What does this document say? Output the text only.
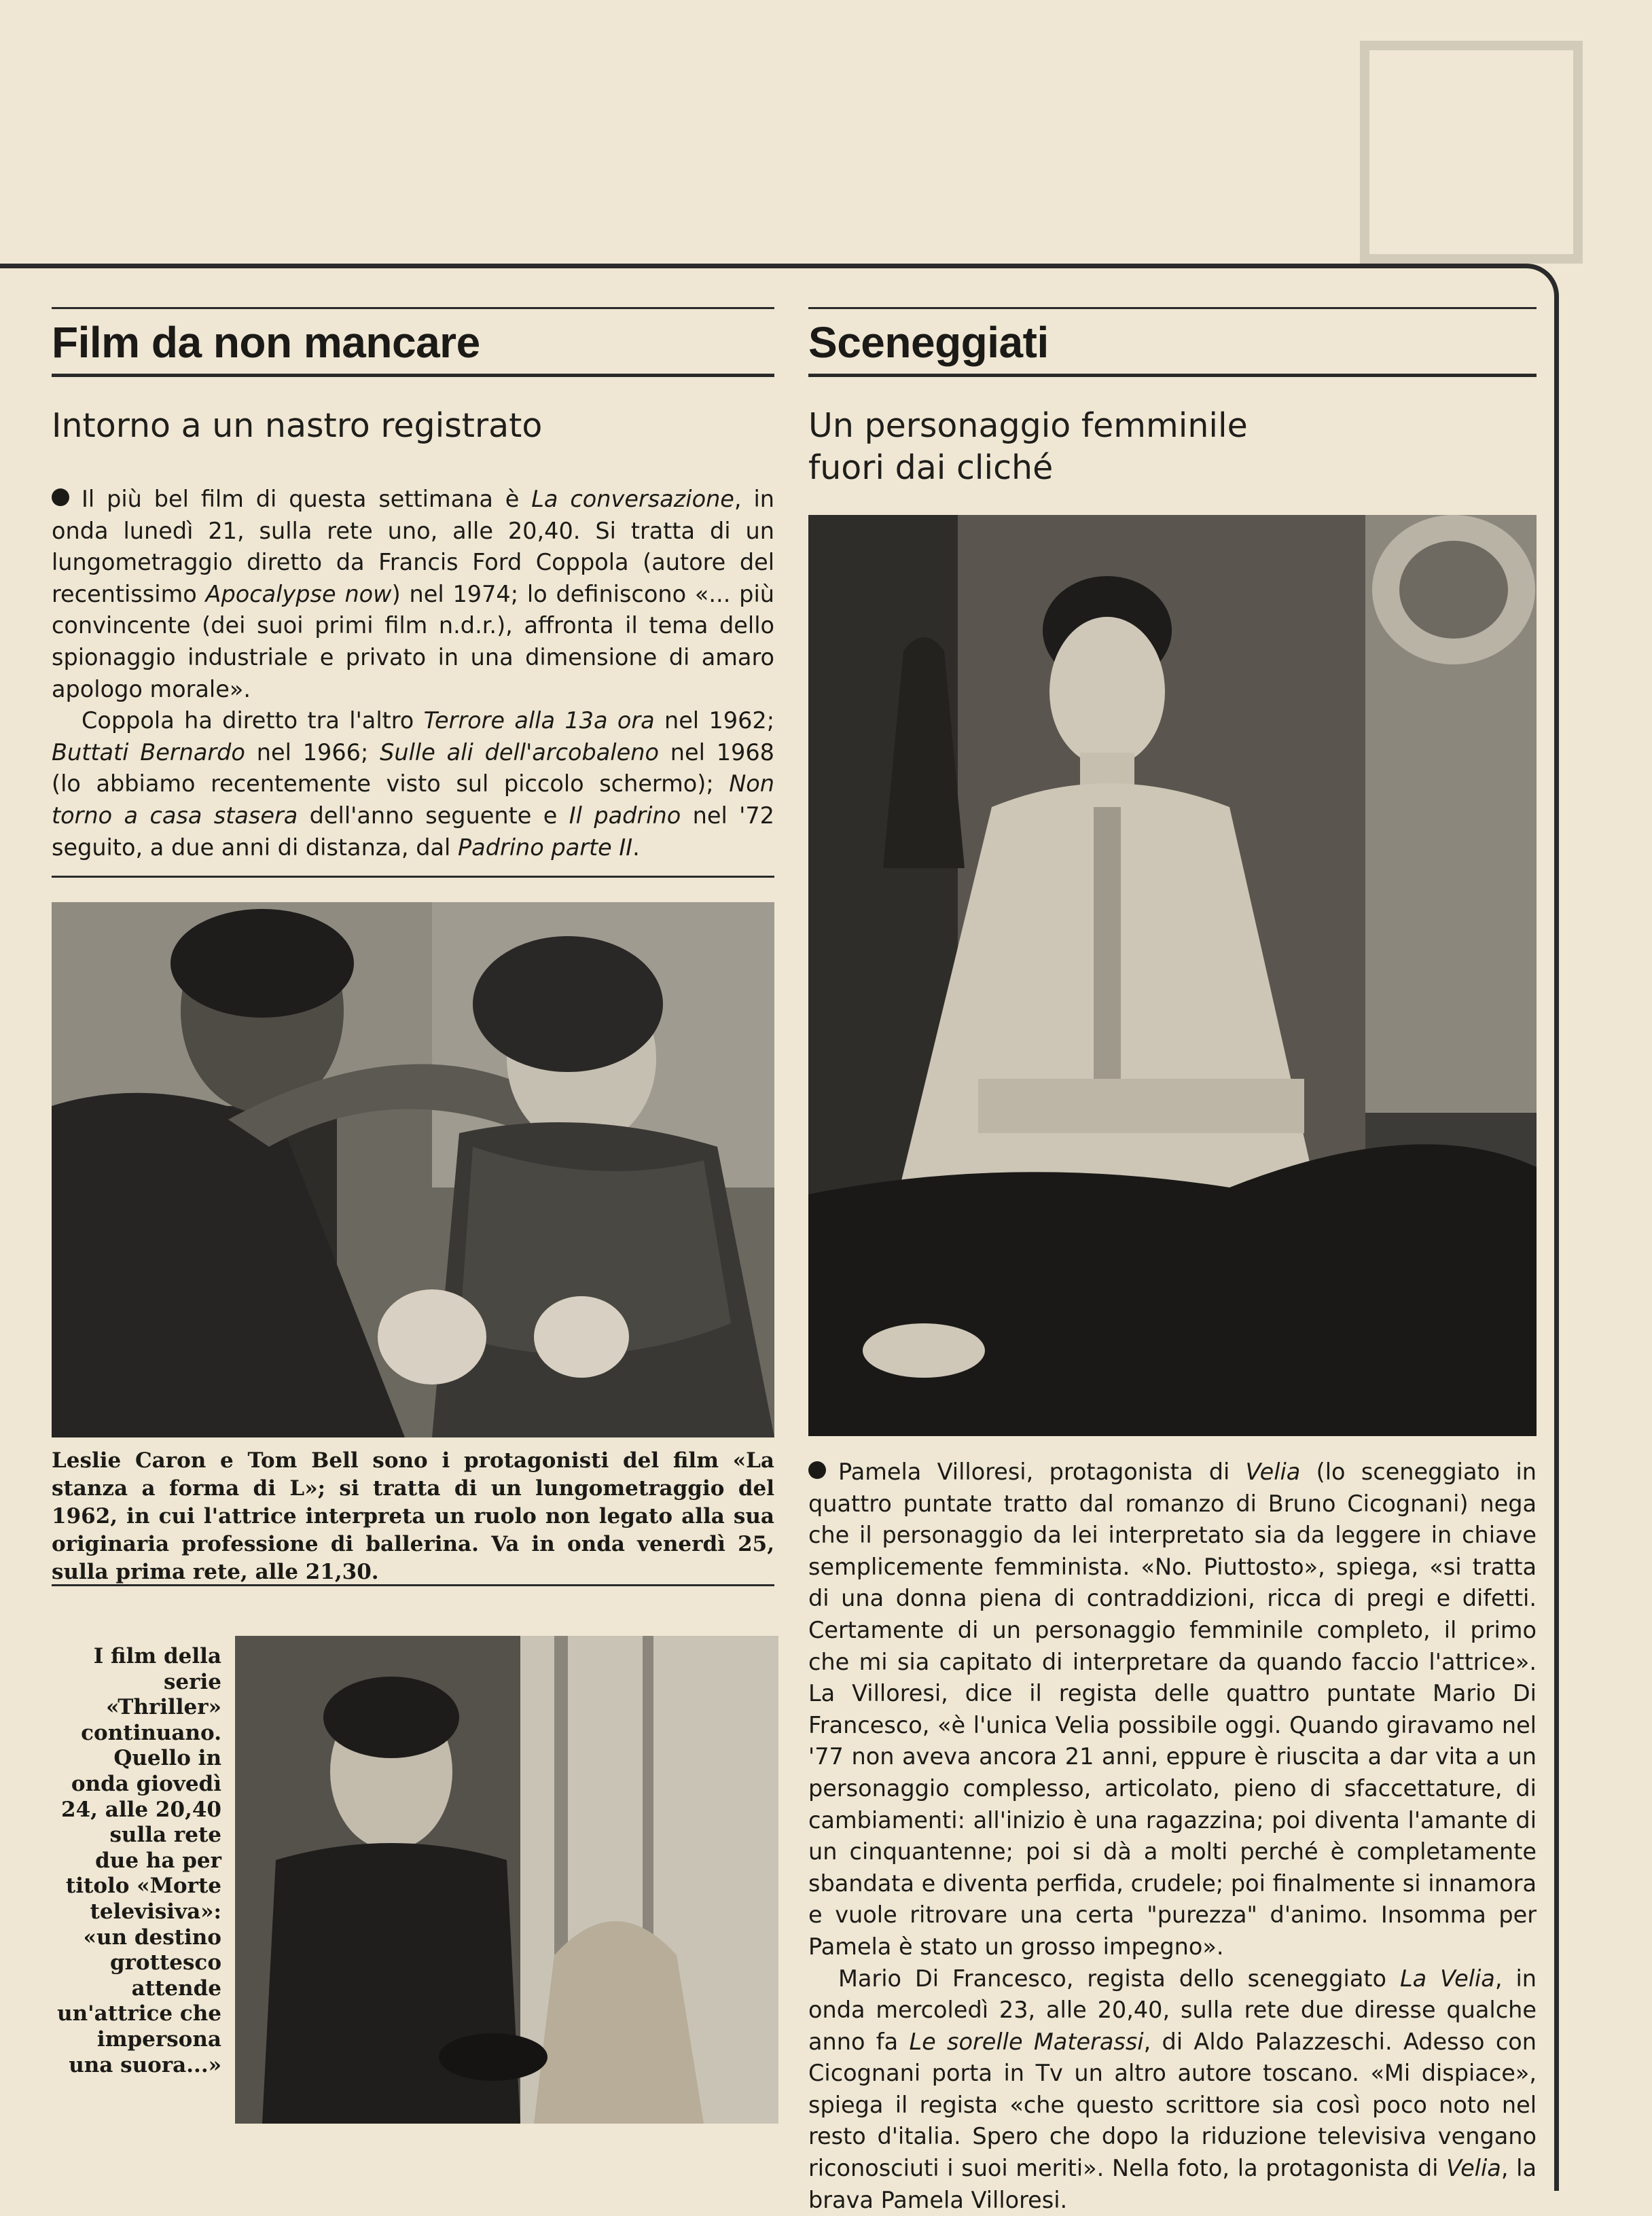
Film da non mancare
Intorno a un nastro registrato

Il più bel film di questa settimana è La conversazione, in onda lunedì 21, sulla rete uno, alle 20,40. Si tratta di un lungometraggio diretto da Francis Ford Coppola (autore del recentissimo Apocalypse now) nel 1974; lo definiscono «... più convincente (dei suoi primi film n.d.r.), affronta il tema dello spionaggio industriale e privato in una dimensione di amaro apologo morale».

Coppola ha diretto tra l'altro Terrore alla 13a ora nel 1962; Buttati Bernardo nel 1966; Sulle ali dell'arcobaleno nel 1968 (lo abbiamo recentemente visto sul piccolo schermo); Non torno a casa stasera dell'anno seguente e Il padrino nel '72 seguito, a due anni di distanza, dal Padrino parte II.

Leslie Caron e Tom Bell sono i protagonisti del film «La stanza a forma di L»; si tratta di un lungometraggio del 1962, in cui l'attrice interpreta un ruolo non legato alla sua originaria professione di ballerina. Va in onda venerdì 25, sulla prima rete, alle 21,30.
I film della
serie
«Thriller»
continuano.
Quello in
onda giovedì
24, alle 20,40
sulla rete
due ha per
titolo «Morte
televisiva»:
«un destino
grottesco
attende
un'attrice che
impersona
una suora...»
Sceneggiati
Un personaggio femminile
fuori dai cliché

Pamela Villoresi, protagonista di Velia (lo sceneggiato in quattro puntate tratto dal romanzo di Bruno Cicognani) nega che il personaggio da lei interpretato sia da leggere in chiave semplicemente femminista. «No. Piuttosto», spiega, «si tratta di una donna piena di contraddizioni, ricca di pregi e difetti. Certamente di un personaggio femminile completo, il primo che mi sia capitato di interpretare da quando faccio l'attrice». La Villoresi, dice il regista delle quattro puntate Mario Di Francesco, «è l'unica Velia possibile oggi. Quando giravamo nel '77 non aveva ancora 21 anni, eppure è riuscita a dar vita a un personaggio complesso, articolato, pieno di sfaccettature, di cambiamenti: all'inizio è una ragazzina; poi diventa l'amante di un cinquantenne; poi si dà a molti perché è completamente sbandata e diventa perfida, crudele; poi finalmente si innamora e vuole ritrovare una certa "purezza" d'animo. Insomma per Pamela è stato un grosso impegno».

Mario Di Francesco, regista dello sceneggiato La Velia, in onda mercoledì 23, alle 20,40, sulla rete due diresse qualche anno fa Le sorelle Materassi, di Aldo Palazzeschi. Adesso con Cicognani porta in Tv un altro autore toscano. «Mi dispiace», spiega il regista «che questo scrittore sia così poco noto nel resto d'italia. Spero che dopo la riduzione televisiva vengano riconosciuti i suoi meriti». Nella foto, la protagonista di Velia, la brava Pamela Villoresi.
